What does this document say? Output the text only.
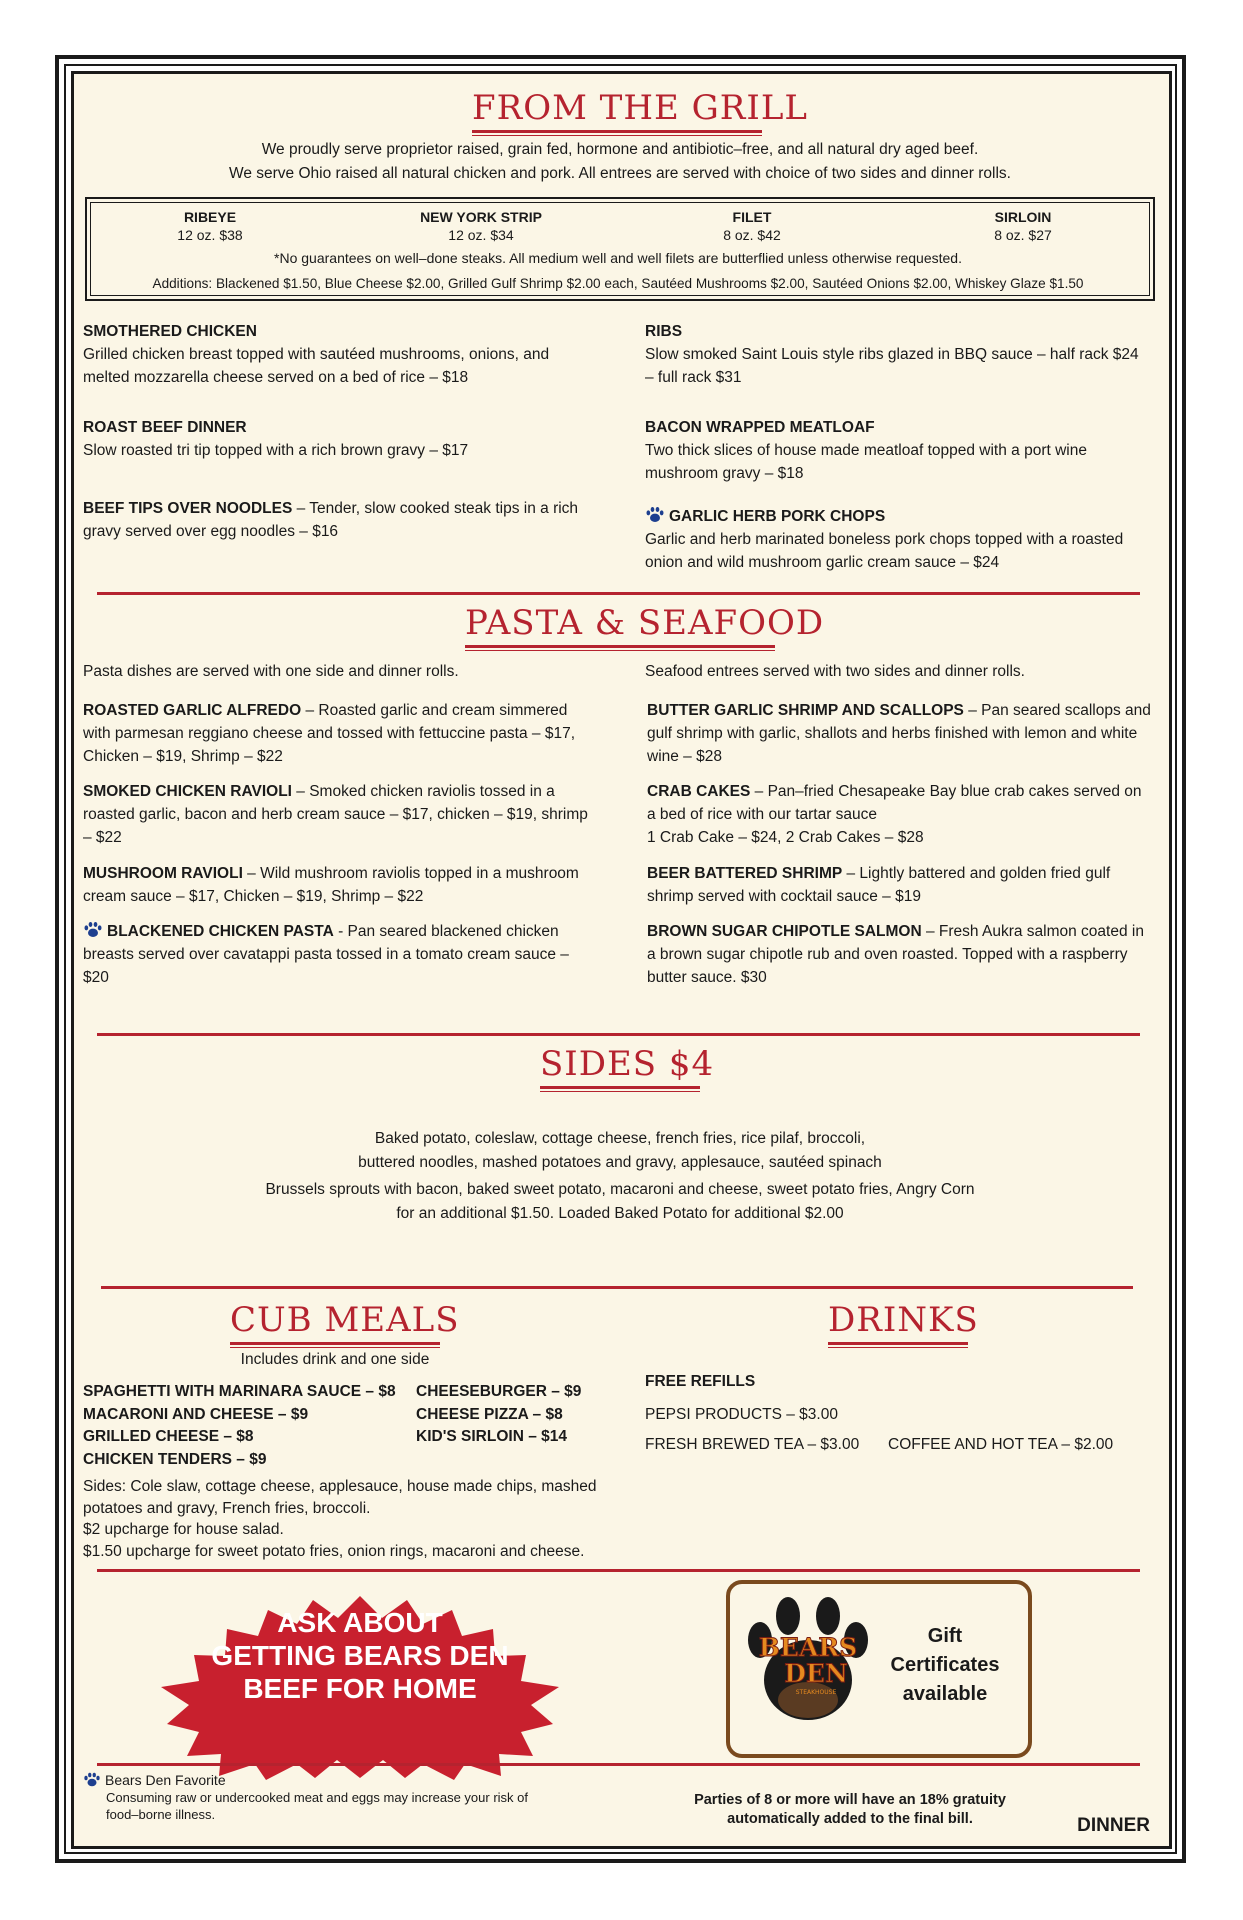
FROM THE GRILL
We proudly serve proprietor raised, grain fed, hormone and antibiotic–free, and all natural dry aged beef.
We serve Ohio raised all natural chicken and pork. All entrees are served with choice of two sides and dinner rolls.
RIBEYE
12 oz. $38
NEW YORK STRIP
12 oz. $34
FILET
8 oz. $42
SIRLOIN
8 oz. $27
*No guarantees on well–done steaks. All medium well and well filets are butterflied unless otherwise requested.
Additions: Blackened $1.50, Blue Cheese $2.00, Grilled Gulf Shrimp $2.00 each, Sautéed Mushrooms $2.00, Sautéed Onions $2.00, Whiskey Glaze $1.50
SMOTHERED CHICKEN
Grilled chicken breast topped with sautéed mushrooms, onions, and melted mozzarella cheese served on a bed of rice – $18
ROAST BEEF DINNER
Slow roasted tri tip topped with a rich brown gravy – $17
BEEF TIPS OVER NOODLES – Tender, slow cooked steak tips in a rich gravy served over egg noodles – $16
RIBS
Slow smoked Saint Louis style ribs glazed in BBQ sauce – half rack $24 – full rack $31
BACON WRAPPED MEATLOAF
Two thick slices of house made meatloaf topped with a port wine mushroom gravy – $18
GARLIC HERB PORK CHOPS
Garlic and herb marinated boneless pork chops topped with a roasted onion and wild mushroom garlic cream sauce – $24
PASTA & SEAFOOD
Pasta dishes are served with one side and dinner rolls.	Seafood entrees served with two sides and dinner rolls.
ROASTED GARLIC ALFREDO – Roasted garlic and cream simmered with parmesan reggiano cheese and tossed with fettuccine pasta – $17, Chicken – $19, Shrimp – $22
SMOKED CHICKEN RAVIOLI – Smoked chicken raviolis tossed in a roasted garlic, bacon and herb cream sauce – $17, chicken – $19, shrimp – $22
MUSHROOM RAVIOLI – Wild mushroom raviolis topped in a mushroom cream sauce – $17, Chicken – $19, Shrimp – $22
BLACKENED CHICKEN PASTA - Pan seared blackened chicken breasts served over cavatappi pasta tossed in a tomato cream sauce – $20
BUTTER GARLIC SHRIMP AND SCALLOPS – Pan seared scallops and gulf shrimp with garlic, shallots and herbs finished with lemon and white wine – $28
CRAB CAKES – Pan–fried Chesapeake Bay blue crab cakes served on a bed of rice with our tartar sauce
1 Crab Cake – $24, 2 Crab Cakes – $28
BEER BATTERED SHRIMP – Lightly battered and golden fried gulf shrimp served with cocktail sauce – $19
BROWN SUGAR CHIPOTLE SALMON – Fresh Aukra salmon coated in a brown sugar chipotle rub and oven roasted. Topped with a raspberry butter sauce. $30
SIDES $4
Baked potato, coleslaw, cottage cheese, french fries, rice pilaf, broccoli,
buttered noodles, mashed potatoes and gravy, applesauce, sautéed spinach
Brussels sprouts with bacon, baked sweet potato, macaroni and cheese, sweet potato fries, Angry Corn
for an additional $1.50. Loaded Baked Potato for additional $2.00
CUB MEALS
Includes drink and one side
SPAGHETTI WITH MARINARA SAUCE – $8
MACARONI AND CHEESE – $9
GRILLED CHEESE – $8
CHICKEN TENDERS – $9
CHEESEBURGER – $9
CHEESE PIZZA – $8
KID'S SIRLOIN – $14
Sides: Cole slaw, cottage cheese, applesauce, house made chips, mashed
potatoes and gravy, French fries, broccoli.
$2 upcharge for house salad.
$1.50 upcharge for sweet potato fries, onion rings, macaroni and cheese.
DRINKS
FREE REFILLS
PEPSI PRODUCTS – $3.00
FRESH BREWED TEA – $3.00	COFFEE AND HOT TEA – $2.00
ASK ABOUT
GETTING BEARS DEN
BEEF FOR HOME
BEARS
DEN
STEAKHOUSE
Gift
Certificates
available
Bears Den Favorite
Consuming raw or undercooked meat and eggs may increase your risk of
food–borne illness.
Parties of 8 or more will have an 18% gratuity
automatically added to the final bill.	DINNER
